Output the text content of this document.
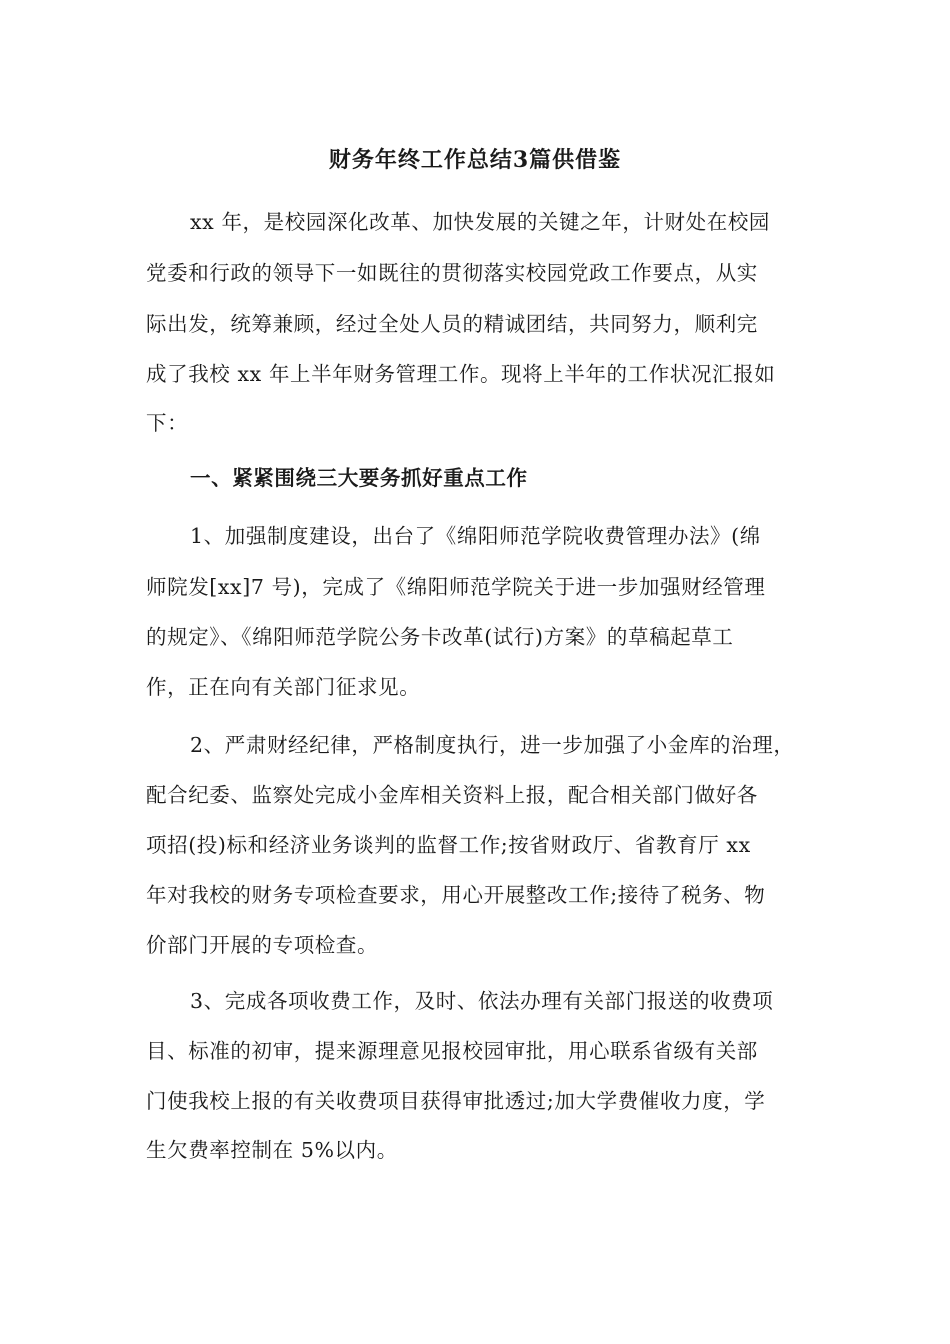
财务年终工作总结3篇供借鉴
xx 年，是校园深化改革、加快发展的关键之年，计财处在校园
党委和行政的领导下一如既往的贯彻落实校园党政工作要点，从实
际出发，统筹兼顾，经过全处人员的精诚团结，共同努力，顺利完
成了我校 xx 年上半年财务管理工作。现将上半年的工作状况汇报如
下：
一、紧紧围绕三大要务抓好重点工作
1、加强制度建设，出台了《绵阳师范学院收费管理办法》(绵
师院发[xx]7 号)，完成了《绵阳师范学院关于进一步加强财经管理
的规定》、《绵阳师范学院公务卡改革(试行)方案》的草稿起草工
作，正在向有关部门征求见。
2、严肃财经纪律，严格制度执行，进一步加强了小金库的治理，
配合纪委、监察处完成小金库相关资料上报，配合相关部门做好各
项招(投)标和经济业务谈判的监督工作;按省财政厅、省教育厅 xx
年对我校的财务专项检查要求，用心开展整改工作;接待了税务、物
价部门开展的专项检查。
3、完成各项收费工作，及时、依法办理有关部门报送的收费项
目、标准的初审，提来源理意见报校园审批，用心联系省级有关部
门使我校上报的有关收费项目获得审批透过;加大学费催收力度，学
生欠费率控制在 5%以内。
